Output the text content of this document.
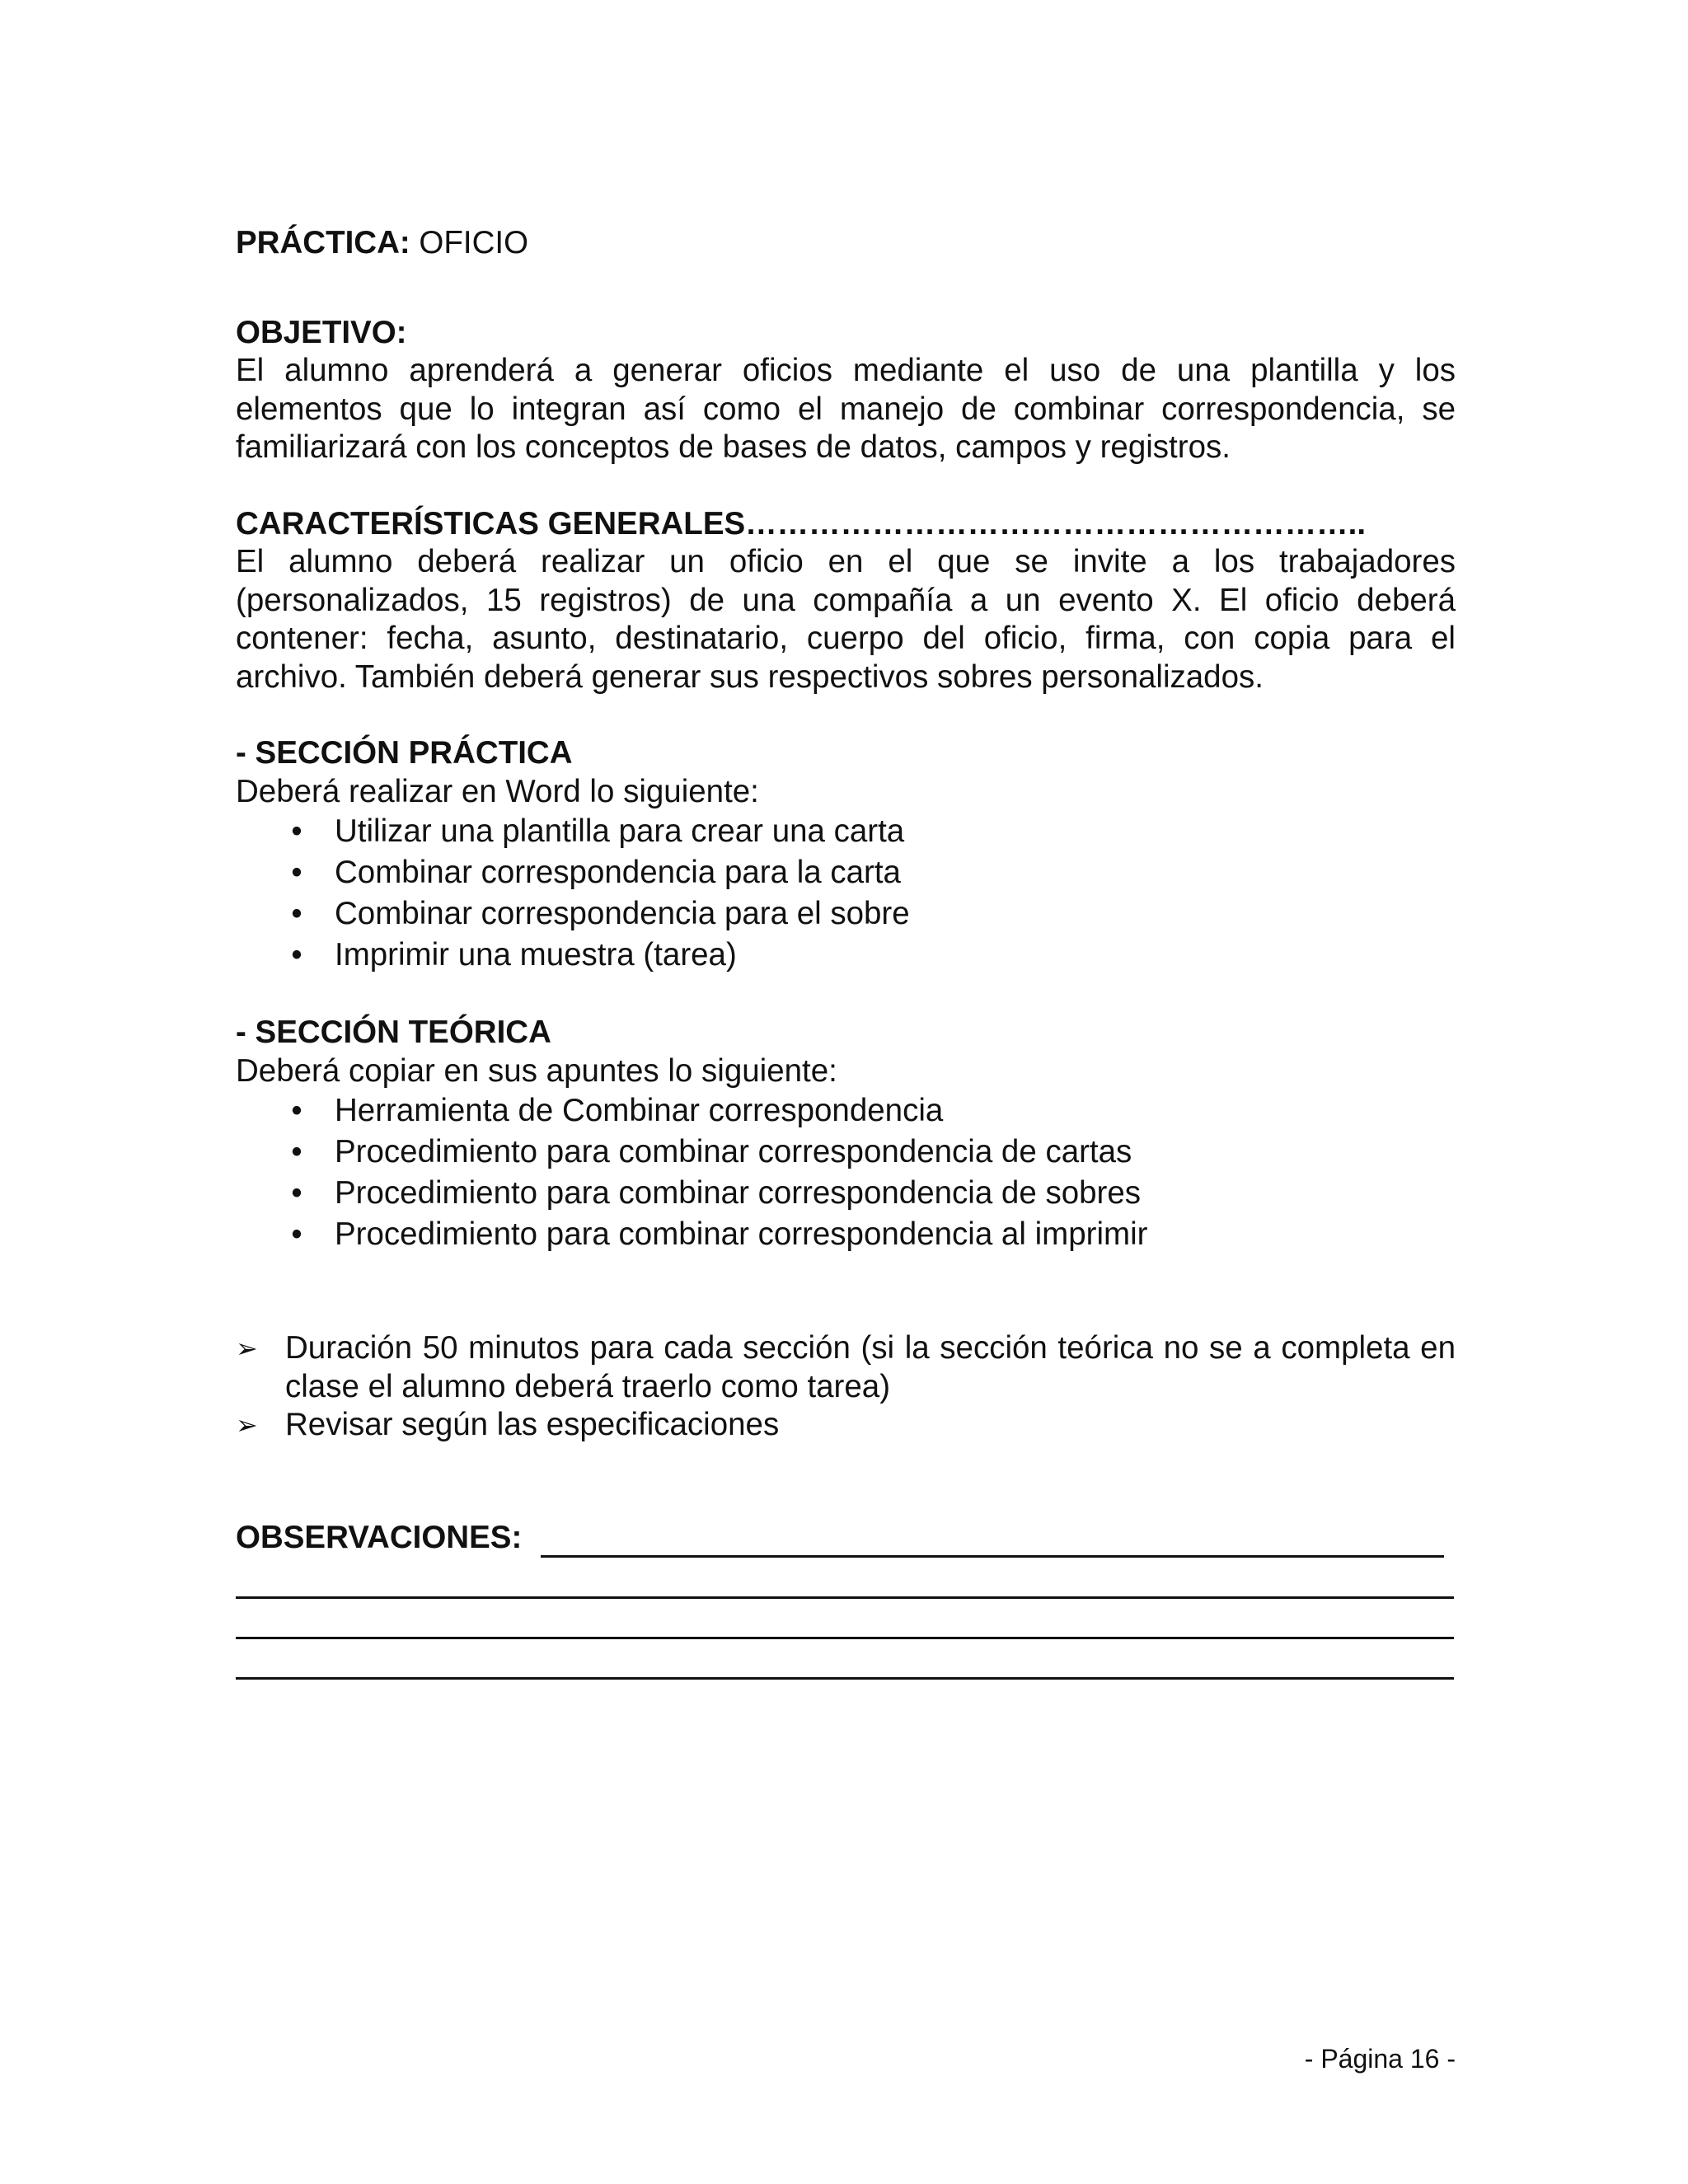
PRÁCTICA: OFICIO

OBJETIVO:

El alumno aprenderá a generar oficios mediante el uso de una plantilla y los elementos que lo integran así como el manejo de combinar correspondencia, se familiarizará con los conceptos de bases de datos, campos y registros.

CARACTERÍSTICAS GENERALES…………………………………………………..

El alumno deberá realizar un oficio en el que se invite a los trabajadores (personalizados, 15 registros) de una compañía a un evento X. El oficio deberá contener: fecha, asunto, destinatario, cuerpo del oficio, firma, con copia para el archivo. También deberá generar sus respectivos sobres personalizados.

- SECCIÓN PRÁCTICA

Deberá realizar en Word lo siguiente:

• Utilizar una plantilla para crear una carta
• Combinar correspondencia para la carta
• Combinar correspondencia para el sobre
• Imprimir una muestra (tarea)

- SECCIÓN TEÓRICA

Deberá copiar en sus apuntes lo siguiente:

• Herramienta de Combinar correspondencia
• Procedimiento para combinar correspondencia de cartas
• Procedimiento para combinar correspondencia de sobres
• Procedimiento para combinar correspondencia al imprimir
➢ Duración 50 minutos para cada sección (si la sección teórica no se a completa en clase el alumno deberá traerlo como tarea)
➢ Revisar según las especificaciones
OBSERVACIONES:
- Página 16 -
